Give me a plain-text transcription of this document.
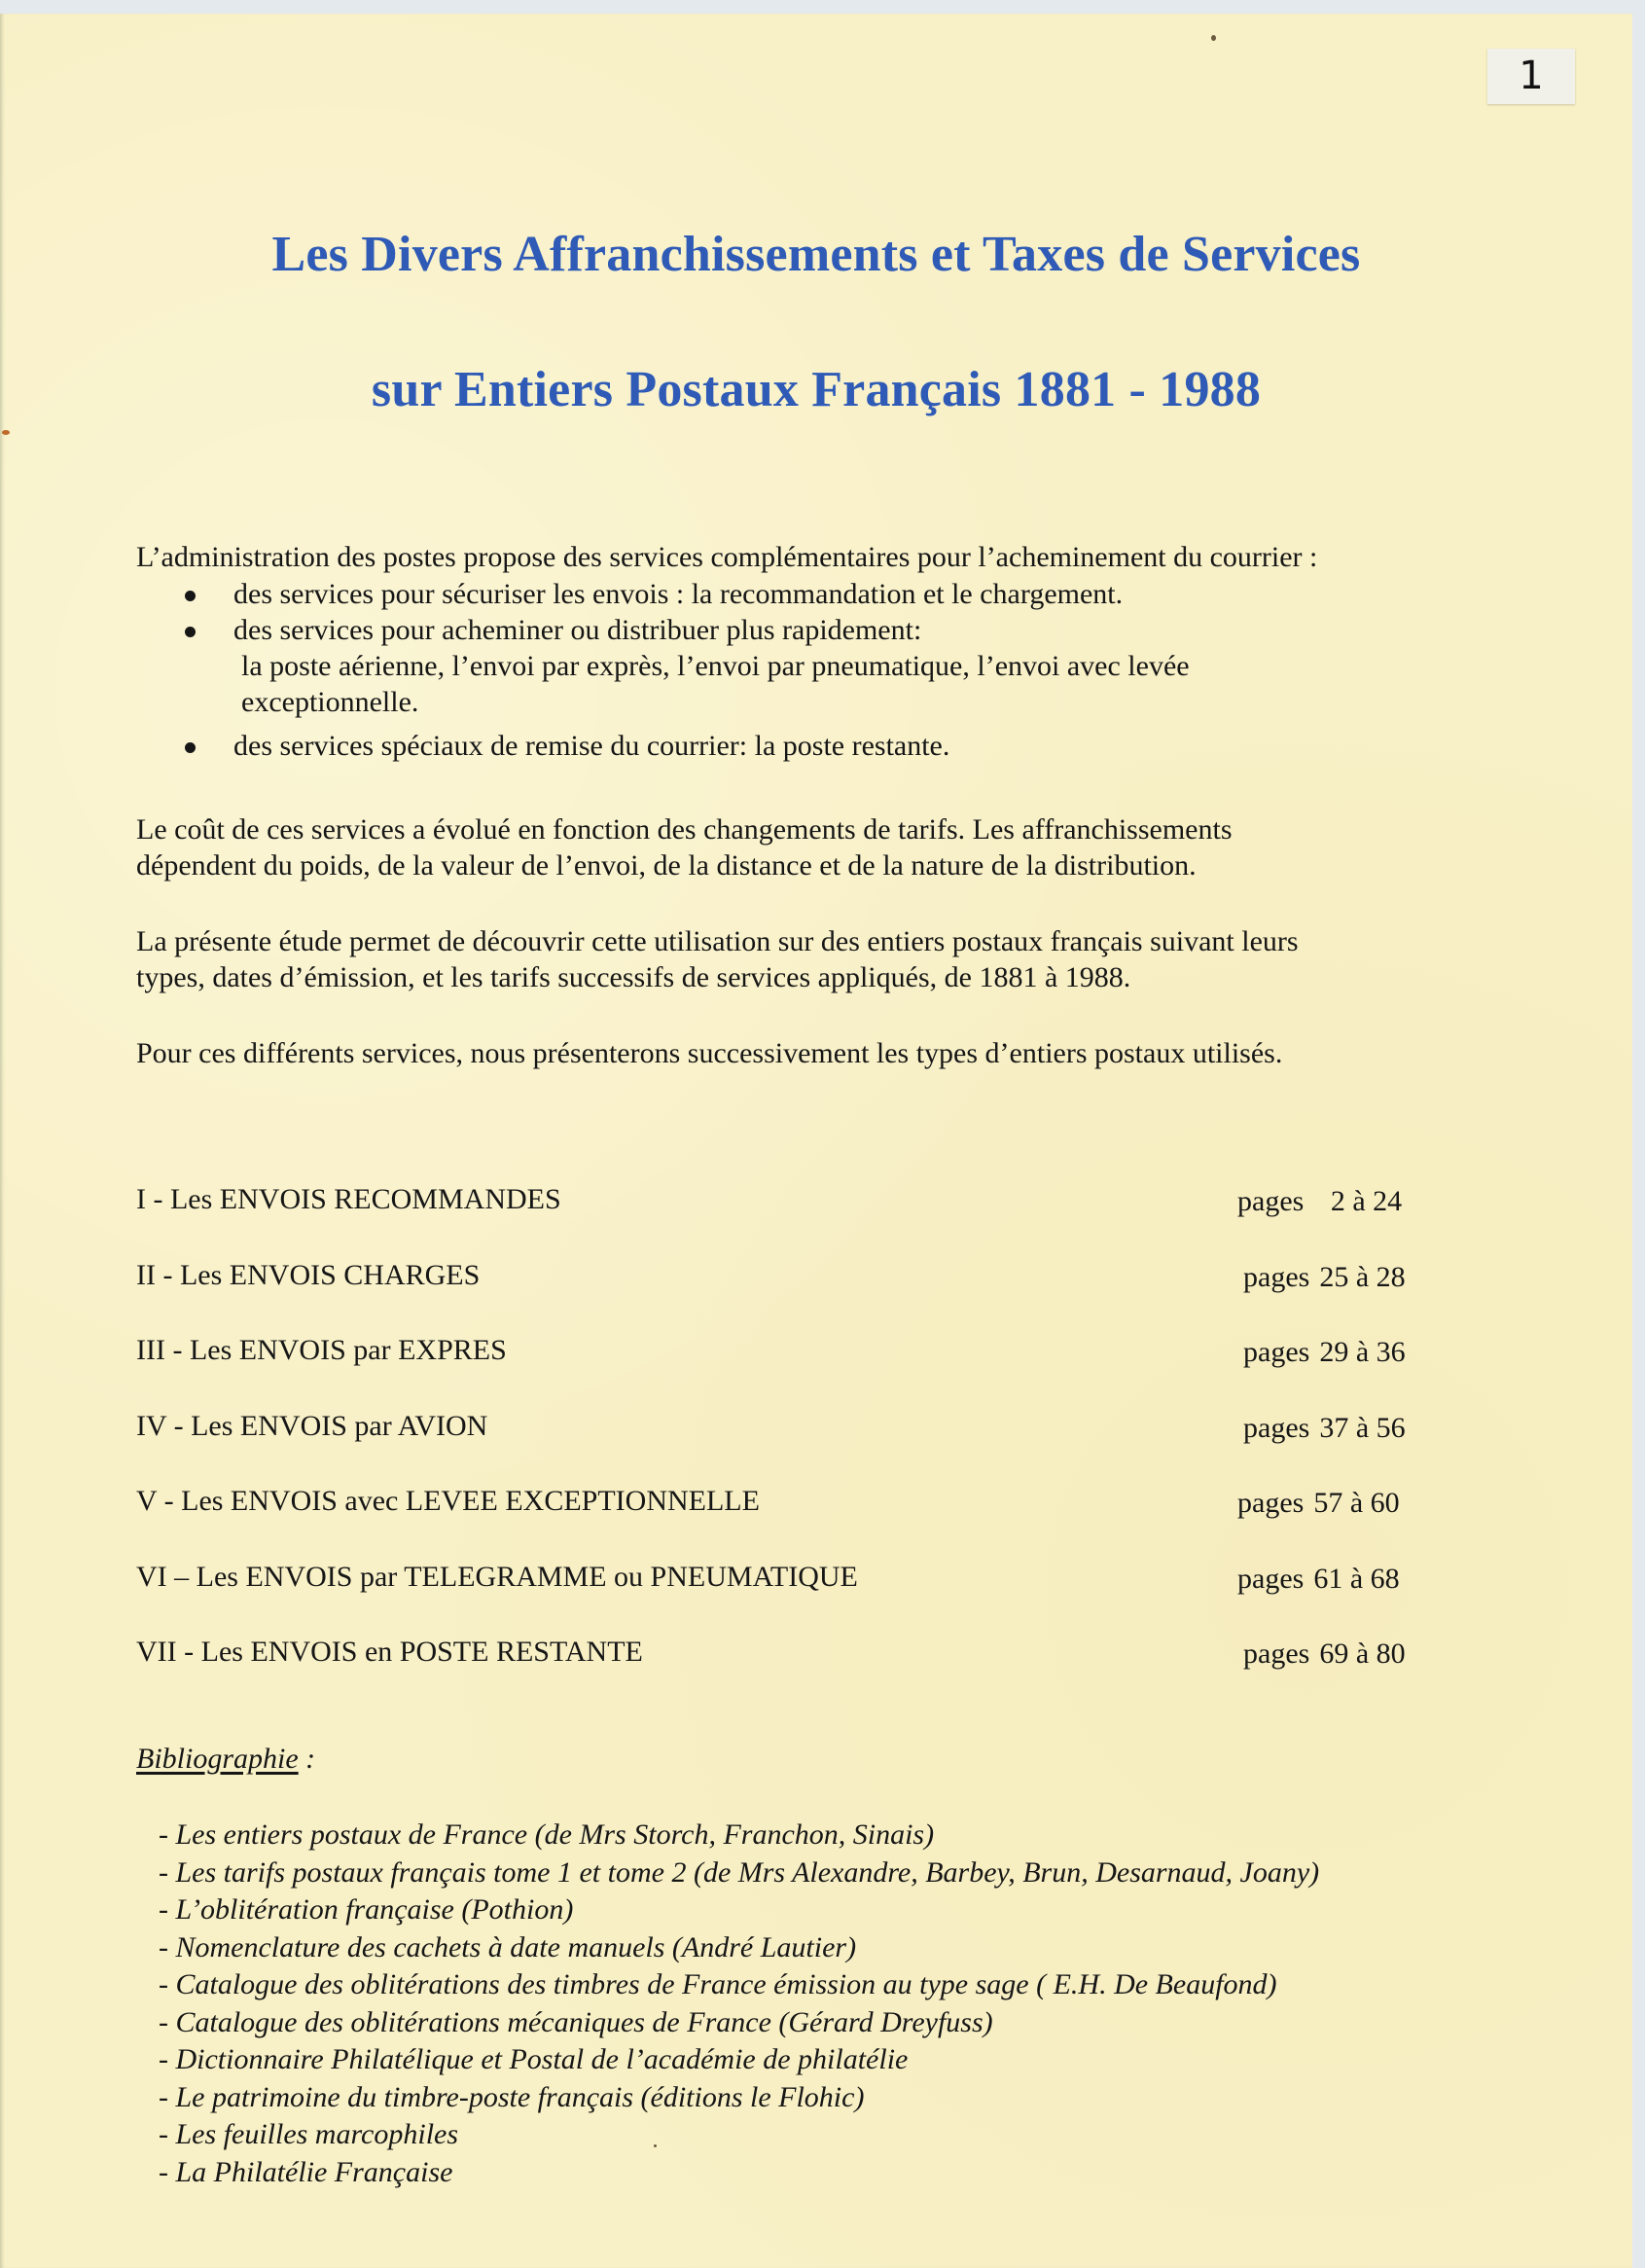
1
Les Divers Affranchissements et Taxes de Services
sur Entiers Postaux Français 1881 - 1988
L’administration des postes propose des services complémentaires pour l’acheminement du courrier :
des services pour sécuriser les envois : la recommandation et le chargement.
des services pour acheminer ou distribuer plus rapidement:
la poste aérienne, l’envoi par exprès, l’envoi par pneumatique, l’envoi avec levée
exceptionnelle.
des services spéciaux de remise du courrier: la poste restante.
Le coût de ces services a évolué en fonction des changements de tarifs. Les affranchissements
dépendent du poids, de la valeur de l’envoi, de la distance et de la nature de la distribution.
La présente étude permet de découvrir cette utilisation sur des entiers postaux français suivant leurs
types, dates d’émission, et les tarifs successifs de services appliqués, de 1881 à 1988.
Pour ces différents services, nous présenterons successivement les types d’entiers postaux utilisés.
I - Les ENVOIS RECOMMANDES	pages 2 à 24
II - Les ENVOIS CHARGES	pages 25 à 28
III - Les ENVOIS par EXPRES	pages 29 à 36
IV - Les ENVOIS par AVION	pages 37 à 56
V - Les ENVOIS avec LEVEE EXCEPTIONNELLE	pages 57 à 60
VI – Les ENVOIS par TELEGRAMME ou PNEUMATIQUE	pages 61 à 68
VII - Les ENVOIS en POSTE RESTANTE	pages 69 à 80
Bibliographie :
- Les entiers postaux de France (de Mrs Storch, Franchon, Sinais)
- Les tarifs postaux français tome 1 et tome 2 (de Mrs Alexandre, Barbey, Brun, Desarnaud, Joany)
- L’oblitération française (Pothion)
- Nomenclature des cachets à date manuels (André Lautier)
- Catalogue des oblitérations des timbres de France émission au type sage ( E.H. De Beaufond)
- Catalogue des oblitérations mécaniques de France (Gérard Dreyfuss)
- Dictionnaire Philatélique et Postal de l’académie de philatélie
- Le patrimoine du timbre-poste français (éditions le Flohic)
- Les feuilles marcophiles
- La Philatélie Française
